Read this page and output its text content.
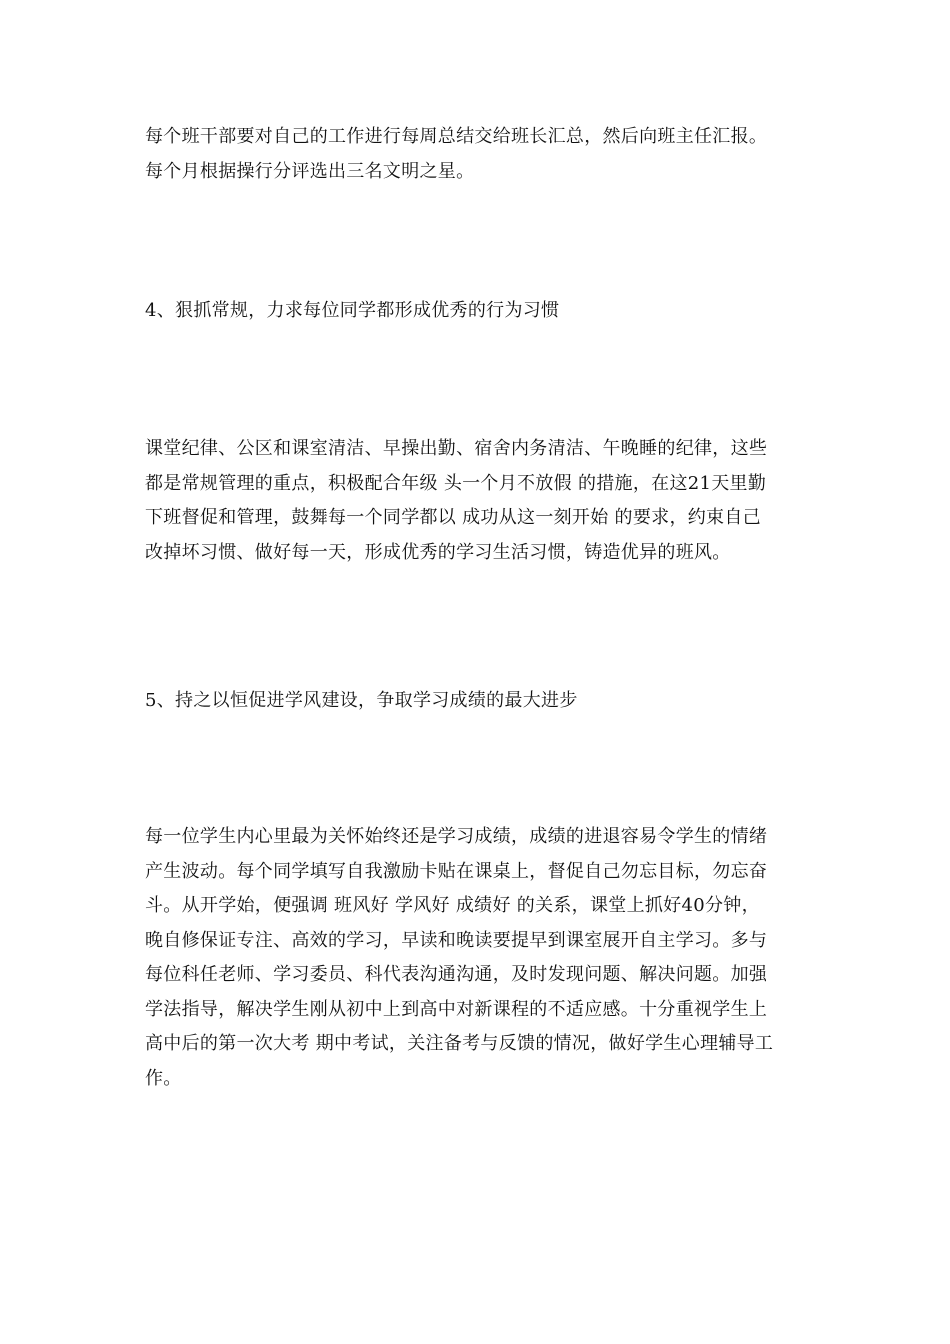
每个班干部要对自己的工作进行每周总结交给班长汇总，然后向班主任汇报。
每个月根据操行分评选出三名文明之星。

4、狠抓常规，力求每位同学都形成优秀的行为习惯

课堂纪律、公区和课室清洁、早操出勤、宿舍内务清洁、午晚睡的纪律，这些
都是常规管理的重点，积极配合年级 头一个月不放假 的措施，在这21天里勤
下班督促和管理，鼓舞每一个同学都以 成功从这一刻开始 的要求，约束自己
改掉坏习惯、做好每一天，形成优秀的学习生活习惯，铸造优异的班风。

5、持之以恒促进学风建设，争取学习成绩的最大进步

每一位学生内心里最为关怀始终还是学习成绩，成绩的进退容易令学生的情绪
产生波动。每个同学填写自我激励卡贴在课桌上，督促自己勿忘目标，勿忘奋
斗。从开学始，便强调 班风好 学风好 成绩好 的关系，课堂上抓好40分钟，
晚自修保证专注、高效的学习，早读和晚读要提早到课室展开自主学习。多与
每位科任老师、学习委员、科代表沟通沟通，及时发现问题、解决问题。加强
学法指导，解决学生刚从初中上到高中对新课程的不适应感。十分重视学生上
高中后的第一次大考 期中考试，关注备考与反馈的情况，做好学生心理辅导工
作。
